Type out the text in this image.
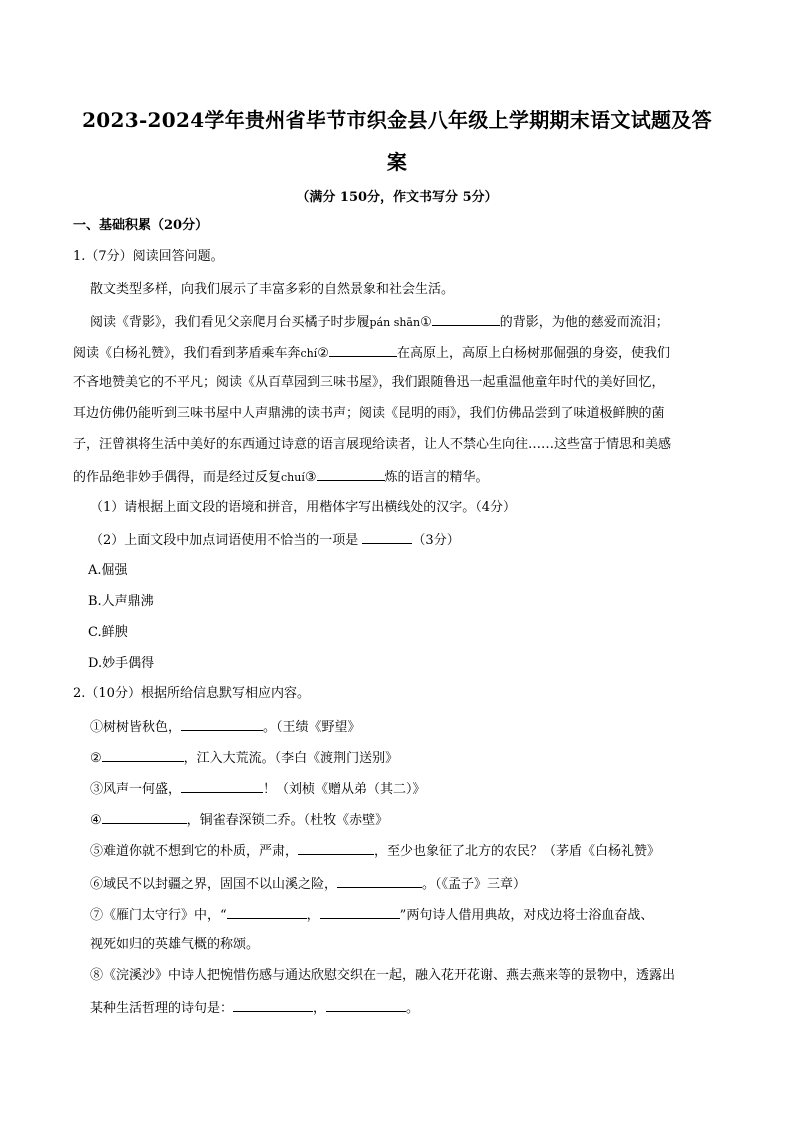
2023-2024学年贵州省毕节市织金县八年级上学期期末语文试题及答
案
（满分 150分，作文书写分 5分）
一、基础积累（20分）
1.（7分）阅读回答问题。
散文类型多样，向我们展示了丰富多彩的自然景象和社会生活。
阅读《背影》，我们看见父亲爬月台买橘子时步履pán shān①	的背影，为他的慈爱而流泪；
阅读《白杨礼赞》，我们看到茅盾乘车奔chí②	在高原上，高原上白杨树那倔强的身姿，使我们
不吝地赞美它的不平凡；阅读《从百草园到三味书屋》，我们跟随鲁迅一起重温他童年时代的美好回忆，
耳边仿佛仍能听到三味书屋中人声鼎沸的读书声；阅读《昆明的雨》，我们仿佛品尝到了味道极鲜腴的菌
子，汪曾祺将生活中美好的东西通过诗意的语言展现给读者，让人不禁心生向往……这些富于情思和美感
的作品绝非妙手偶得，而是经过反复chuí③	炼的语言的精华。
（1）请根据上面文段的语境和拼音，用楷体字写出横线处的汉字。（4分）
（2）上面文段中加点词语使用不恰当的一项是	（3分）
A.倔强
B.人声鼎沸
C.鲜腴
D.妙手偶得
2.（10分）根据所给信息默写相应内容。
①树树皆秋色，	。（王绩《野望》
②	，江入大荒流。（李白《渡荆门送别》
③风声一何盛，	！（刘桢《赠从弟（其二）》
④	，铜雀春深锁二乔。（杜牧《赤壁》
⑤难道你就不想到它的朴质，严肃，	，至少也象征了北方的农民？（茅盾《白杨礼赞》
⑥域民不以封疆之界，固国不以山溪之险，	。（《孟子》三章）
⑦《雁门太守行》中，“	，	”两句诗人借用典故，对戍边将士浴血奋战、
视死如归的英雄气概的称颂。
⑧《浣溪沙》中诗人把惋惜伤感与通达欣慰交织在一起，融入花开花谢、燕去燕来等的景物中，透露出
某种生活哲理的诗句是：	，	。
